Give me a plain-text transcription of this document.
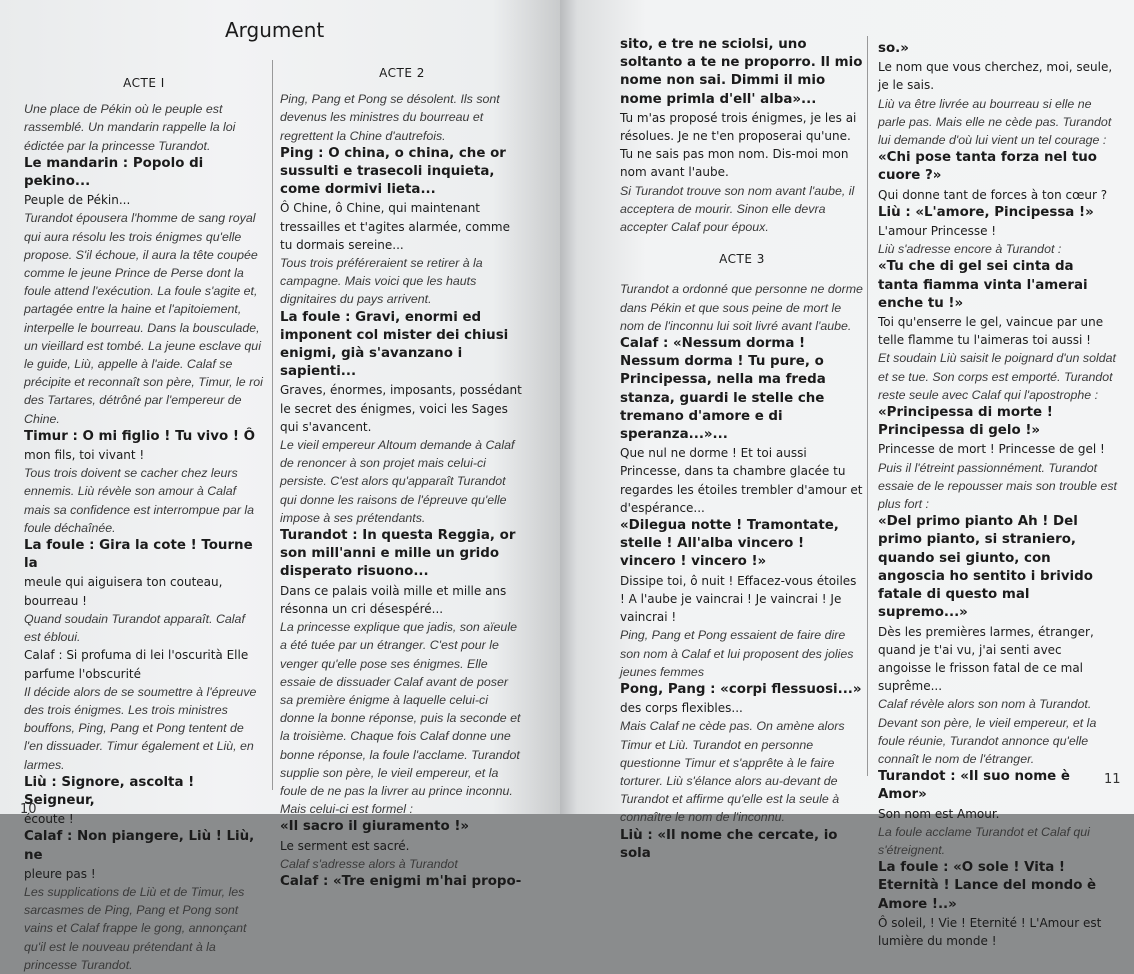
Argument

ACTE I

Une place de Pékin où le peuple est rassemblé. Un mandarin rappelle la loi édictée par la princesse Turandot.

Le mandarin : Popolo di pekino...

Peuple de Pékin...

Turandot épousera l'homme de sang royal qui aura résolu les trois énigmes qu'elle propose. S'il échoue, il aura la tête coupée comme le jeune Prince de Perse dont la foule attend l'exécution. La foule s'agite et, partagée entre la haine et l'apitoiement, interpelle le bourreau. Dans la bousculade, un vieillard est tombé. La jeune esclave qui le guide, Liù, appelle à l'aide. Calaf se précipite et reconnaît son père, Timur, le roi des Tartares, détrôné par l'empereur de Chine.

Timur : O mi figlio ! Tu vivo ! Ô

mon fils, toi vivant !

Tous trois doivent se cacher chez leurs ennemis. Liù révèle son amour à Calaf mais sa confidence est interrompue par la foule déchaînée.

La foule : Gira la cote ! Tourne la

meule qui aiguisera ton couteau, bourreau !

Quand soudain Turandot apparaît. Calaf est ébloui.

Calaf : Si profuma di lei l'oscurità Elle parfume l'obscurité

Il décide alors de se soumettre à l'épreuve des trois énigmes. Les trois ministres bouffons, Ping, Pang et Pong tentent de l'en dissuader. Timur également et Liù, en larmes.

Liù : Signore, ascolta ! Seigneur,

écoute !

Calaf : Non piangere, Liù ! Liù, ne

pleure pas !

Les supplications de Liù et de Timur, les sarcasmes de Ping, Pang et Pong sont vains et Calaf frappe le gong, annonçant qu'il est le nouveau prétendant à la princesse Turandot.

ACTE 2

Ping, Pang et Pong se désolent. Ils sont devenus les ministres du bourreau et regrettent la Chine d'autrefois.

Ping : O china, o china, che or sussulti e trasecoli inquieta, come dormivi lieta...

Ô Chine, ô Chine, qui maintenant tressailles et t'agites alarmée, comme tu dormais sereine...

Tous trois préféreraient se retirer à la campagne. Mais voici que les hauts dignitaires du pays arrivent.

La foule : Gravi, enormi ed imponent col mister dei chiusi enigmi, già s'avanzano i sapienti...

Graves, énormes, imposants, possédant le secret des énigmes, voici les Sages qui s'avancent.

Le vieil empereur Altoum demande à Calaf de renoncer à son projet mais celui-ci persiste. C'est alors qu'apparaît Turandot qui donne les raisons de l'épreuve qu'elle impose à ses prétendants.

Turandot : In questa Reggia, or son mill'anni e mille un grido disperato risuono...

Dans ce palais voilà mille et mille ans résonna un cri désespéré...

La princesse explique que jadis, son aïeule a été tuée par un étranger. C'est pour le venger qu'elle pose ses énigmes. Elle essaie de dissuader Calaf avant de poser sa première énigme à laquelle celui-ci donne la bonne réponse, puis la seconde et la troisième. Chaque fois Calaf donne une bonne réponse, la foule l'acclame. Turandot supplie son père, le vieil empereur, et la foule de ne pas la livrer au prince inconnu. Mais celui-ci est formel :

«Il sacro il giuramento !»

Le serment est sacré.

Calaf s'adresse alors à Turandot

Calaf : «Tre enigmi m'hai propo-

10

sito, e tre ne sciolsi, uno soltanto a te ne proporro. Il mio nome non sai. Dimmi il mio nome primla d'ell' alba»...

Tu m'as proposé trois énigmes, je les ai résolues. Je ne t'en proposerai qu'une. Tu ne sais pas mon nom. Dis-moi mon nom avant l'aube.

Si Turandot trouve son nom avant l'aube, il acceptera de mourir. Sinon elle devra accepter Calaf pour époux.

ACTE 3

Turandot a ordonné que personne ne dorme dans Pékin et que sous peine de mort le nom de l'inconnu lui soit livré avant l'aube.

Calaf : «Nessum dorma ! Nessum dorma ! Tu pure, o Principessa, nella ma freda stanza, guardi le stelle che tremano d'amore e di speranza...»...

Que nul ne dorme ! Et toi aussi Princesse, dans ta chambre glacée tu regardes les étoiles trembler d'amour et d'espérance...

«Dilegua notte ! Tramontate, stelle ! All'alba vincero ! vincero ! vincero !»

Dissipe toi, ô nuit ! Effacez-vous étoiles ! A l'aube je vaincrai ! Je vaincrai ! Je vaincrai !

Ping, Pang et Pong essaient de faire dire son nom à Calaf et lui proposent des jolies jeunes femmes

Pong, Pang : «corpi flessuosi...»

des corps flexibles...

Mais Calaf ne cède pas. On amène alors Timur et Liù. Turandot en personne questionne Timur et s'apprête à le faire torturer. Liù s'élance alors au-devant de Turandot et affirme qu'elle est la seule à connaître le nom de l'inconnu.

Liù : «Il nome che cercate, io sola

so.»

Le nom que vous cherchez, moi, seule, je le sais.

Liù va être livrée au bourreau si elle ne parle pas. Mais elle ne cède pas. Turandot lui demande d'où lui vient un tel courage :

«Chi pose tanta forza nel tuo cuore ?»

Qui donne tant de forces à ton cœur ?

Liù : «L'amore, Pincipessa !»

L'amour Princesse !

Liù s'adresse encore à Turandot :

«Tu che di gel sei cinta da tanta fiamma vinta l'amerai enche tu !»

Toi qu'enserre le gel, vaincue par une telle flamme tu l'aimeras toi aussi !

Et soudain Liù saisit le poignard d'un soldat et se tue. Son corps est emporté. Turandot reste seule avec Calaf qui l'apostrophe :

«Principessa di morte ! Principessa di gelo !»

Princesse de mort ! Princesse de gel !

Puis il l'étreint passionnément. Turandot essaie de le repousser mais son trouble est plus fort :

«Del primo pianto Ah ! Del primo pianto, si straniero, quando sei giunto, con angoscia ho sentito i brivido fatale di questo mal supremo...»

Dès les premières larmes, étranger, quand je t'ai vu, j'ai senti avec angoisse le frisson fatal de ce mal suprême...

Calaf révèle alors son nom à Turandot. Devant son père, le vieil empereur, et la foule réunie, Turandot annonce qu'elle connaît le nom de l'étranger.

Turandot : «Il suo nome è Amor»

Son nom est Amour.

La foule acclame Turandot et Calaf qui s'étreignent.

La foule : «O sole ! Vita ! Eternità ! Lance del mondo è Amore !..»

Ô soleil, ! Vie ! Eternité ! L'Amour est lumière du monde !

11
